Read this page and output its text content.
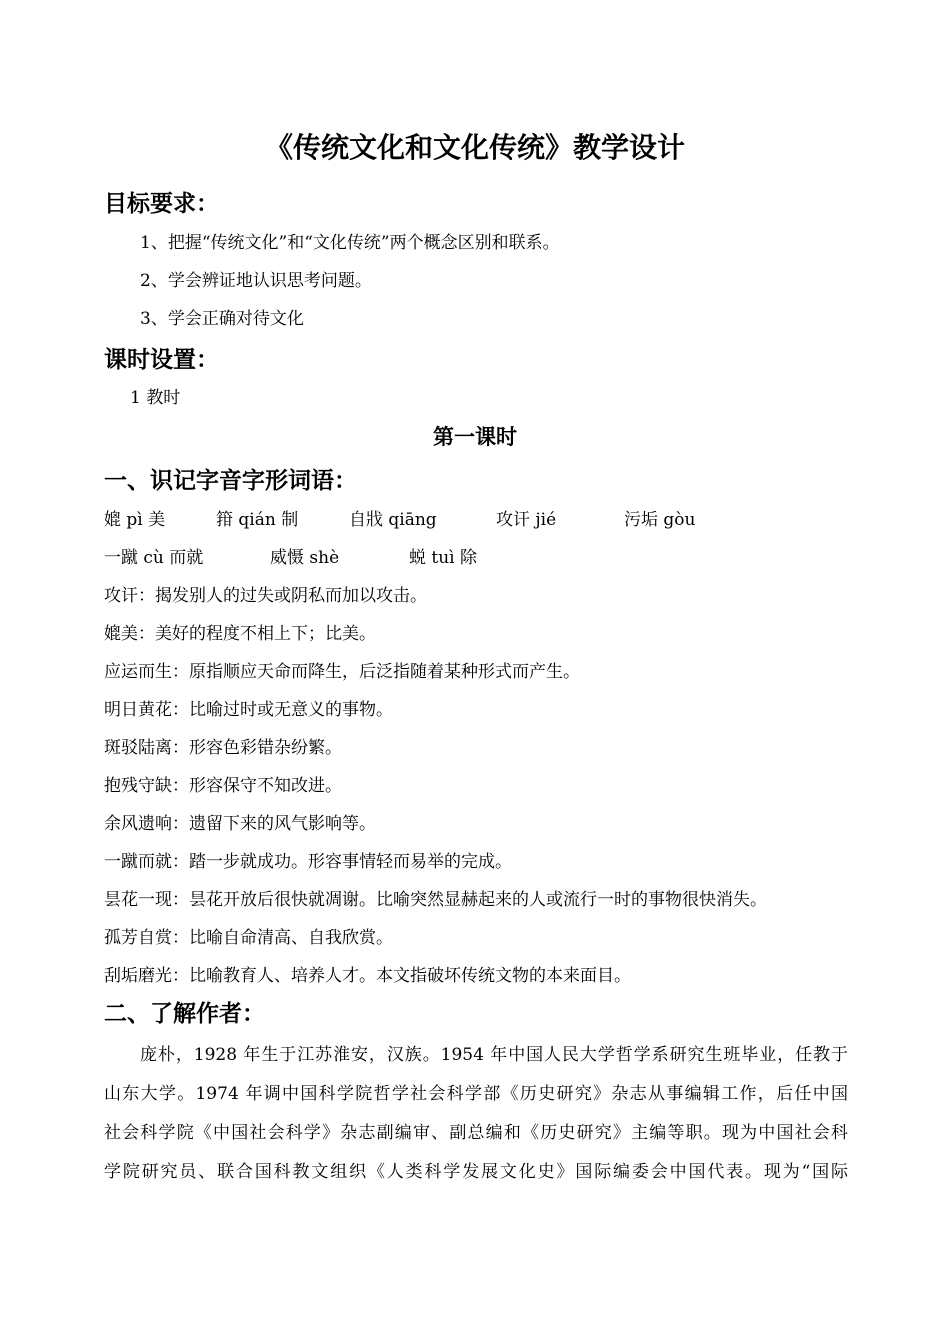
《传统文化和文化传统》教学设计
目标要求：
1、把握“传统文化”和“文化传统”两个概念区别和联系。
2、学会辨证地认识思考问题。
3、学会正确对待文化
课时设置：
1 教时
第一课时
一、识记字音字形词语：
媲 pì 美	箝 qián 制	自戕 qiāng	攻讦 jié	污垢 gòu
一蹴 cù 而就	威慑 shè	蜕 tuì 除
攻讦：揭发别人的过失或阴私而加以攻击。
媲美：美好的程度不相上下；比美。
应运而生：原指顺应天命而降生，后泛指随着某种形式而产生。
明日黄花：比喻过时或无意义的事物。
斑驳陆离：形容色彩错杂纷繁。
抱残守缺：形容保守不知改进。
余风遗响：遗留下来的风气影响等。
一蹴而就：踏一步就成功。形容事情轻而易举的完成。
昙花一现：昙花开放后很快就凋谢。比喻突然显赫起来的人或流行一时的事物很快消失。
孤芳自赏：比喻自命清高、自我欣赏。
刮垢磨光：比喻教育人、培养人才。本文指破坏传统文物的本来面目。
二、了解作者：
庞朴，1928 年生于江苏淮安，汉族。1954 年中国人民大学哲学系研究生班毕业，任教于
山东大学。1974 年调中国科学院哲学社会科学部《历史研究》杂志从事编辑工作，后任中国
社会科学院《中国社会科学》杂志副编审、副总编和《历史研究》主编等职。现为中国社会科
学院研究员、联合国科教文组织《人类科学发展文化史》国际编委会中国代表。现为“国际
